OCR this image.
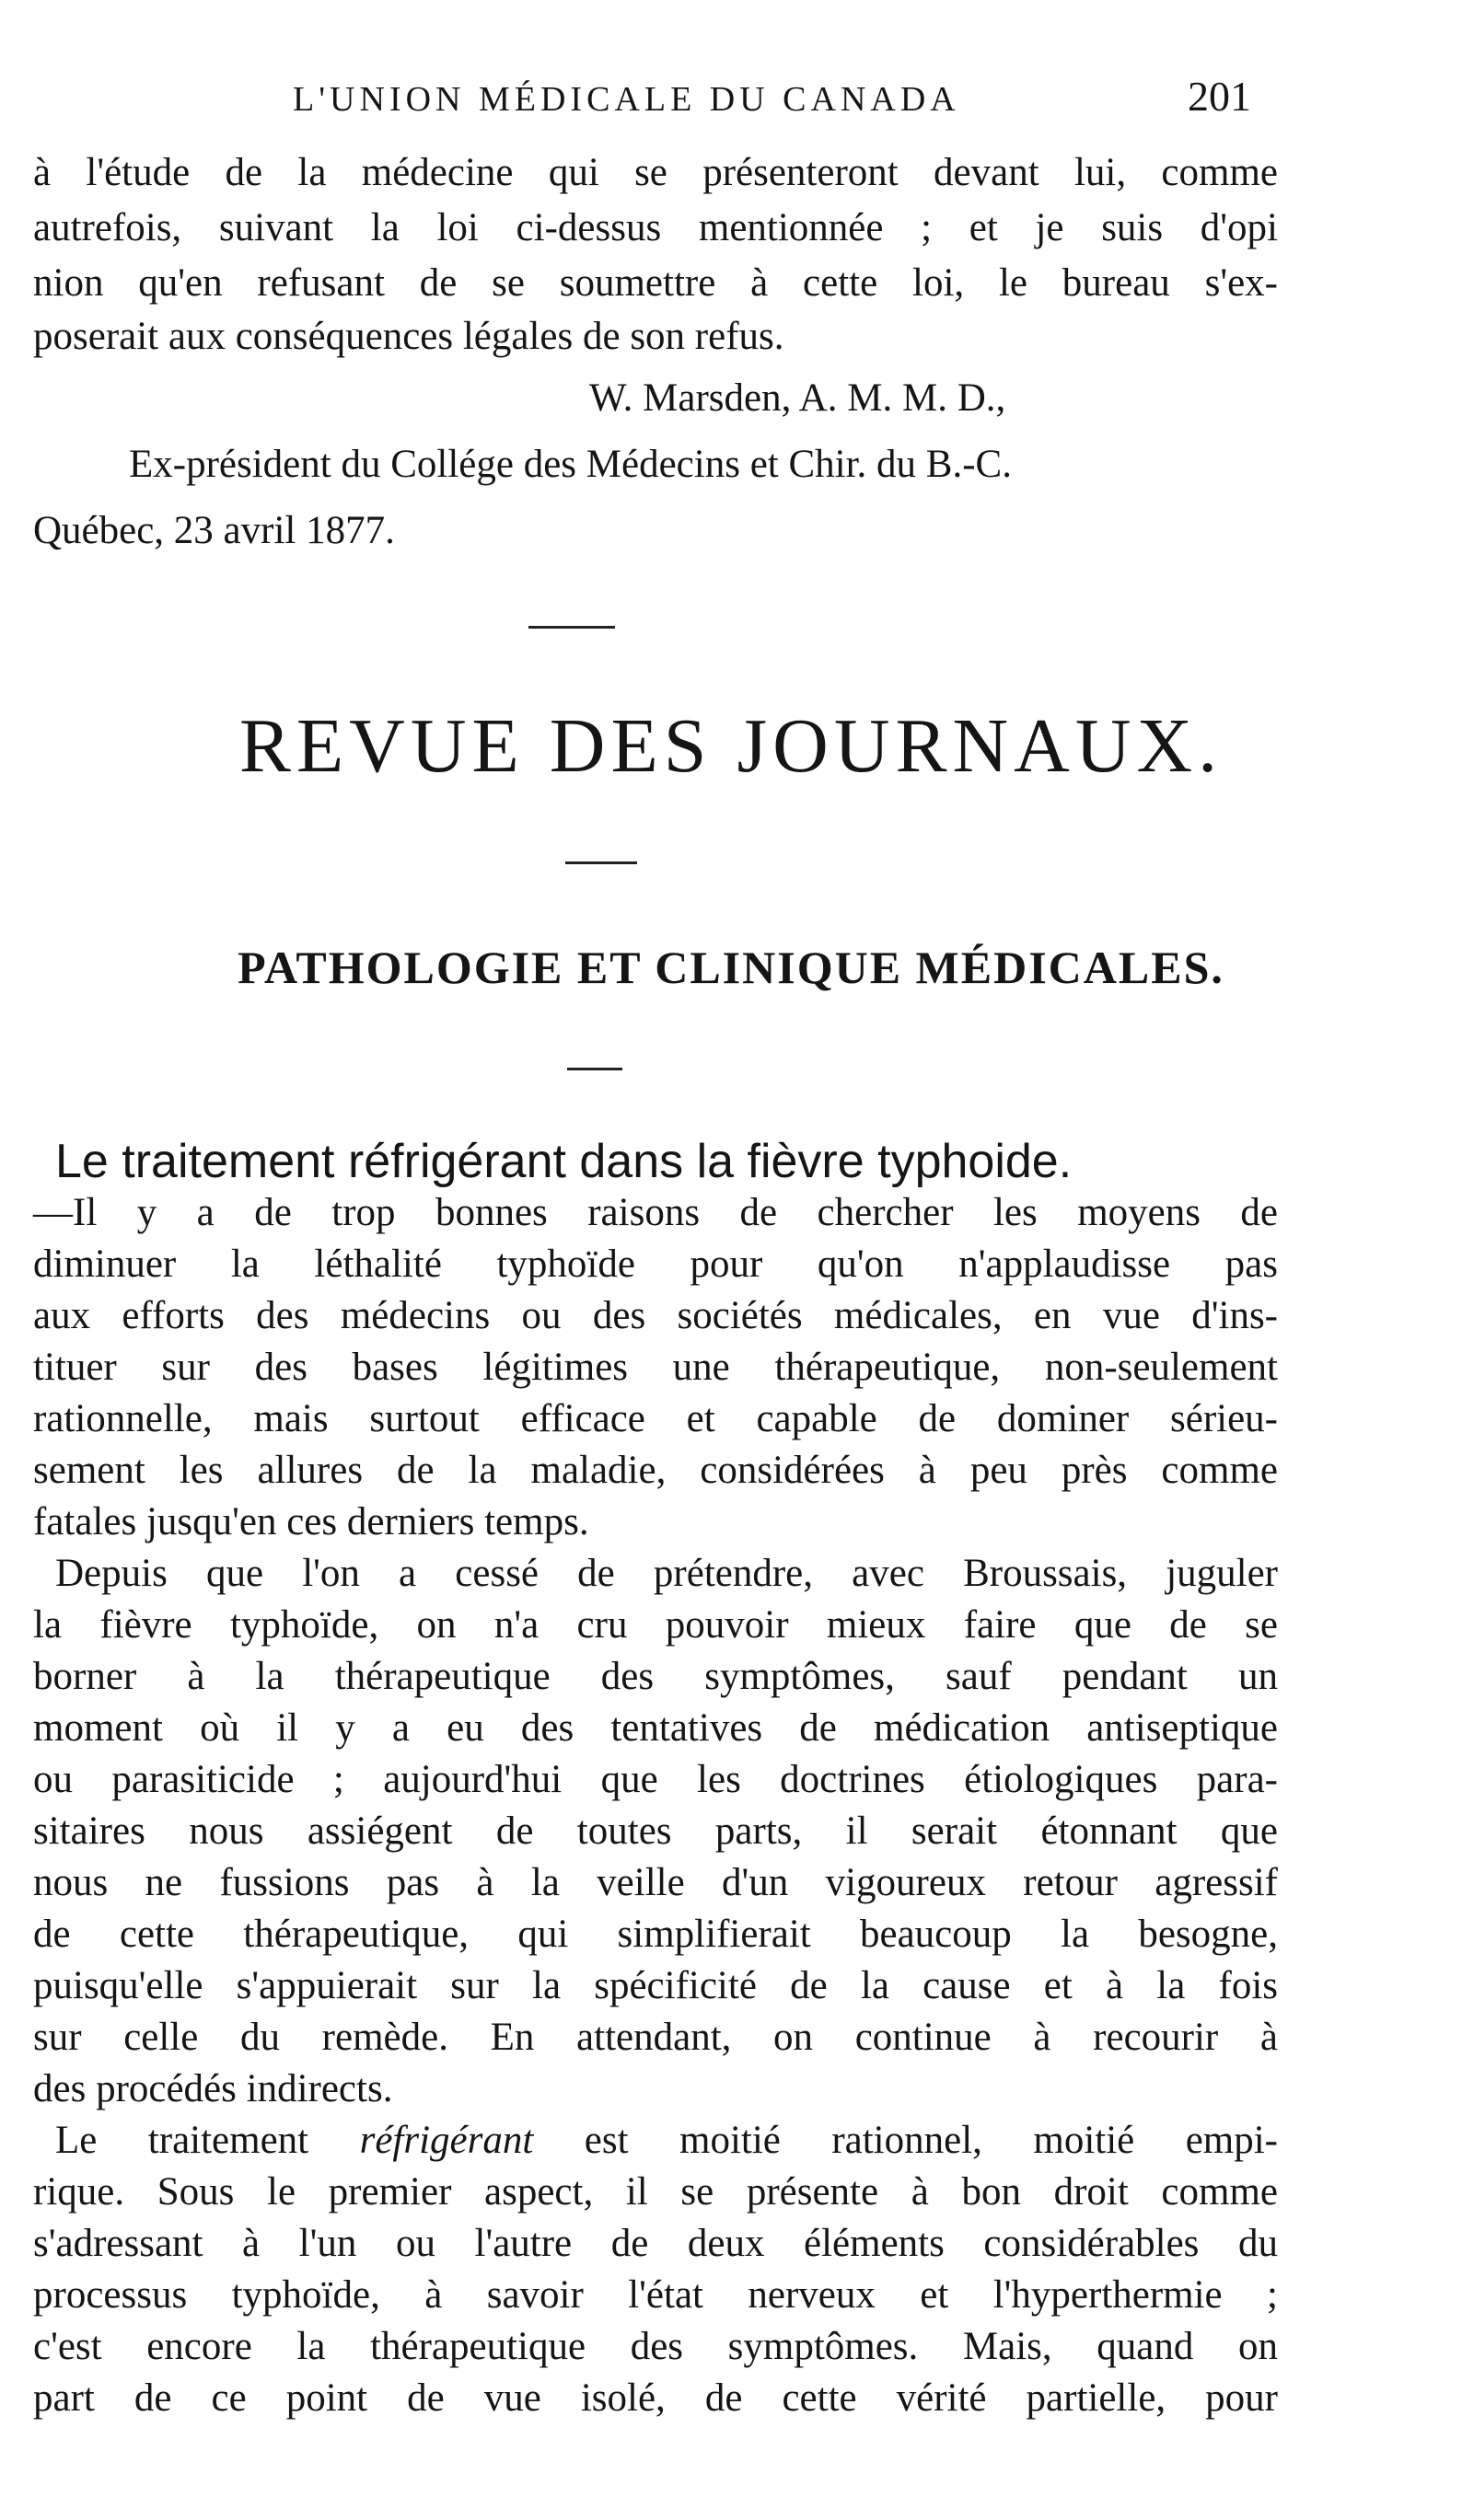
L'UNION MÉDICALE DU CANADA	201
à l'étude de la médecine qui se présenteront devant lui, comme
autrefois, suivant la loi ci-dessus mentionnée ; et je suis d'opi
nion qu'en refusant de se soumettre à cette loi, le bureau s'ex-
poserait aux conséquences légales de son refus.
W. Marsden, A. M. M. D.,
Ex-président du Collége des Médecins et Chir. du B.-C.
Québec, 23 avril 1877.
REVUE DES JOURNAUX.
PATHOLOGIE ET CLINIQUE MÉDICALES.
Le traitement réfrigérant dans la fièvre typhoide.
—Il y a de trop bonnes raisons de chercher les moyens de
diminuer la léthalité typhoïde pour qu'on n'applaudisse pas
aux efforts des médecins ou des sociétés médicales, en vue d'ins-
tituer sur des bases légitimes une thérapeutique, non-seulement
rationnelle, mais surtout efficace et capable de dominer sérieu-
sement les allures de la maladie, considérées à peu près comme
fatales jusqu'en ces derniers temps.
Depuis que l'on a cessé de prétendre, avec Broussais, juguler
la fièvre typhoïde, on n'a cru pouvoir mieux faire que de se
borner à la thérapeutique des symptômes, sauf pendant un
moment où il y a eu des tentatives de médication antiseptique
ou parasiticide ; aujourd'hui que les doctrines étiologiques para-
sitaires nous assiégent de toutes parts, il serait étonnant que
nous ne fussions pas à la veille d'un vigoureux retour agressif
de cette thérapeutique, qui simplifierait beaucoup la besogne,
puisqu'elle s'appuierait sur la spécificité de la cause et à la fois
sur celle du remède. En attendant, on continue à recourir à
des procédés indirects.
Le traitement réfrigérant est moitié rationnel, moitié empi-
rique. Sous le premier aspect, il se présente à bon droit comme
s'adressant à l'un ou l'autre de deux éléments considérables du
processus typhoïde, à savoir l'état nerveux et l'hyperthermie ;
c'est encore la thérapeutique des symptômes. Mais, quand on
part de ce point de vue isolé, de cette vérité partielle, pour
